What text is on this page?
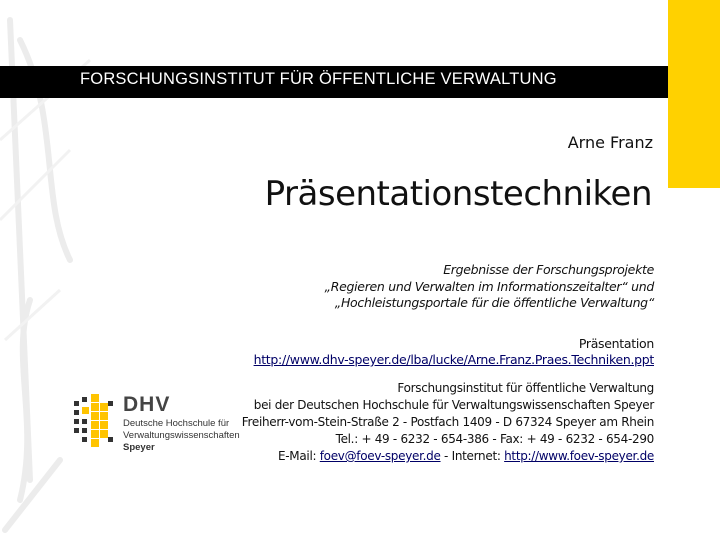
FORSCHUNGSINSTITUT FÜR ÖFFENTLICHE VERWALTUNG
Arne Franz
Präsentationstechniken
Ergebnisse der Forschungsprojekte
„Regieren und Verwalten im Informationszeitalter“ und
„Hochleistungsportale für die öffentliche Verwaltung“
Präsentation
http://www.dhv-speyer.de/lba/lucke/Arne.Franz.Praes.Techniken.ppt
Forschungsinstitut für öffentliche Verwaltung
bei der Deutschen Hochschule für Verwaltungswissenschaften Speyer
Freiherr-vom-Stein-Straße 2 - Postfach 1409 - D 67324 Speyer am Rhein
Tel.: + 49 - 6232 - 654-386 - Fax: + 49 - 6232 - 654-290
E-Mail: foev@foev-speyer.de - Internet: http://www.foev-speyer.de
DHV
Deutsche Hochschule für
Verwaltungswissenschaften
Speyer
